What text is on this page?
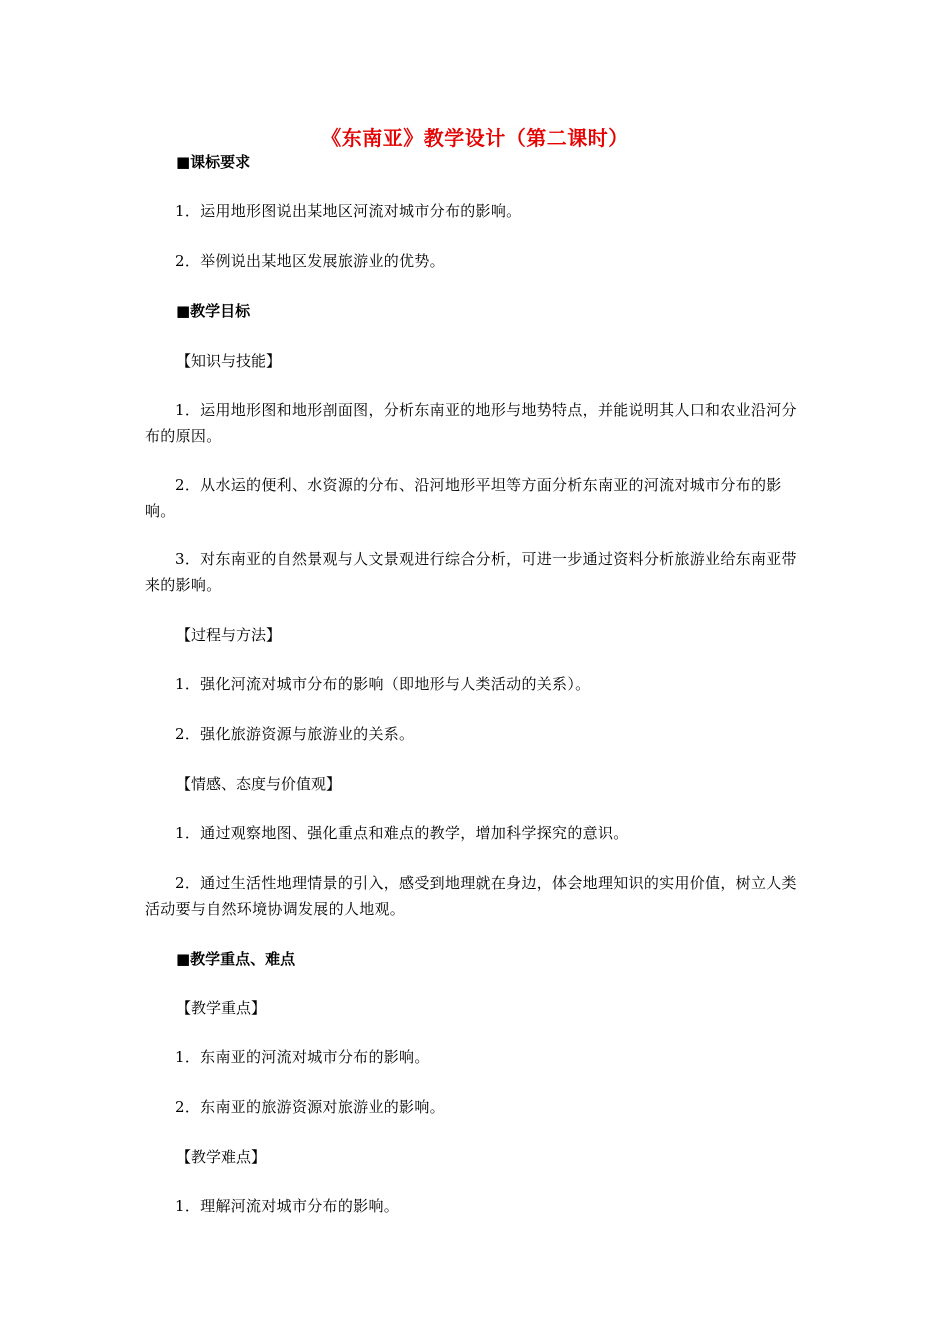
《东南亚》教学设计（第二课时）
■课标要求
1．运用地形图说出某地区河流对城市分布的影响。
2．举例说出某地区发展旅游业的优势。
■教学目标
【知识与技能】
1．运用地形图和地形剖面图，分析东南亚的地形与地势特点，并能说明其人口和农业沿河分布的原因。
2．从水运的便利、水资源的分布、沿河地形平坦等方面分析东南亚的河流对城市分布的影响。
3．对东南亚的自然景观与人文景观进行综合分析，可进一步通过资料分析旅游业给东南亚带来的影响。
【过程与方法】
1．强化河流对城市分布的影响（即地形与人类活动的关系）。
2．强化旅游资源与旅游业的关系。
【情感、态度与价值观】
1．通过观察地图、强化重点和难点的教学，增加科学探究的意识。
2．通过生活性地理情景的引入，感受到地理就在身边，体会地理知识的实用价值，树立人类活动要与自然环境协调发展的人地观。
■教学重点、难点
【教学重点】
1．东南亚的河流对城市分布的影响。
2．东南亚的旅游资源对旅游业的影响。
【教学难点】
1．理解河流对城市分布的影响。
